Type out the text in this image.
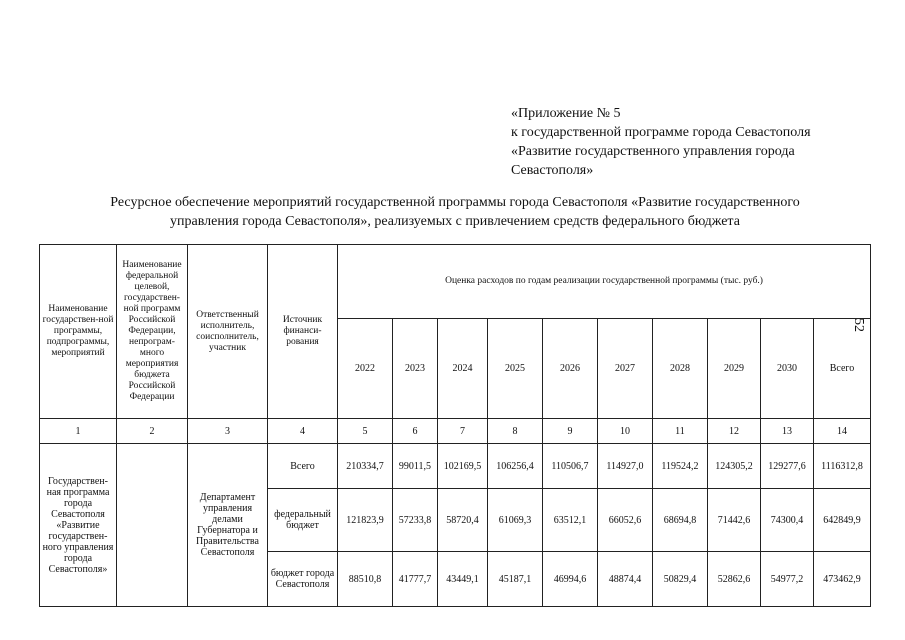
«Приложение № 5
к государственной программе города Севастополя
«Развитие государственного управления города
Севастополя»
52
Ресурсное обеспечение мероприятий государственной программы города Севастополя «Развитие государственного
управления города Севастополя», реализуемых с привлечением средств федерального бюджета
Наименование государствен-ной программы, подпрограммы, мероприятий	Наименование федеральной целевой, государствен-ной программ Российской Федерации, непрограм-много мероприятия бюджета Российской Федерации	Ответственный исполнитель, соисполнитель, участник	Источник финанси-рования	Оценка расходов по годам реализации государственной программы (тыс. руб.)									
				2022	2023	2024	2025	2026	2027	2028	2029	2030	Всего
1	2	3	4	5	6	7	8	9	10	11	12	13	14
Государствен-ная программа города Севастополя «Развитие государствен-ного управления города Севастополя»		Департамент управления делами Губернатора и Правительства Севастополя	Всего	210334,7	99011,5	102169,5	106256,4	110506,7	114927,0	119524,2	124305,2	129277,6	1116312,8
			федеральный бюджет	121823,9	57233,8	58720,4	61069,3	63512,1	66052,6	68694,8	71442,6	74300,4	642849,9
			бюджет города Севастополя	88510,8	41777,7	43449,1	45187,1	46994,6	48874,4	50829,4	52862,6	54977,2	473462,9
